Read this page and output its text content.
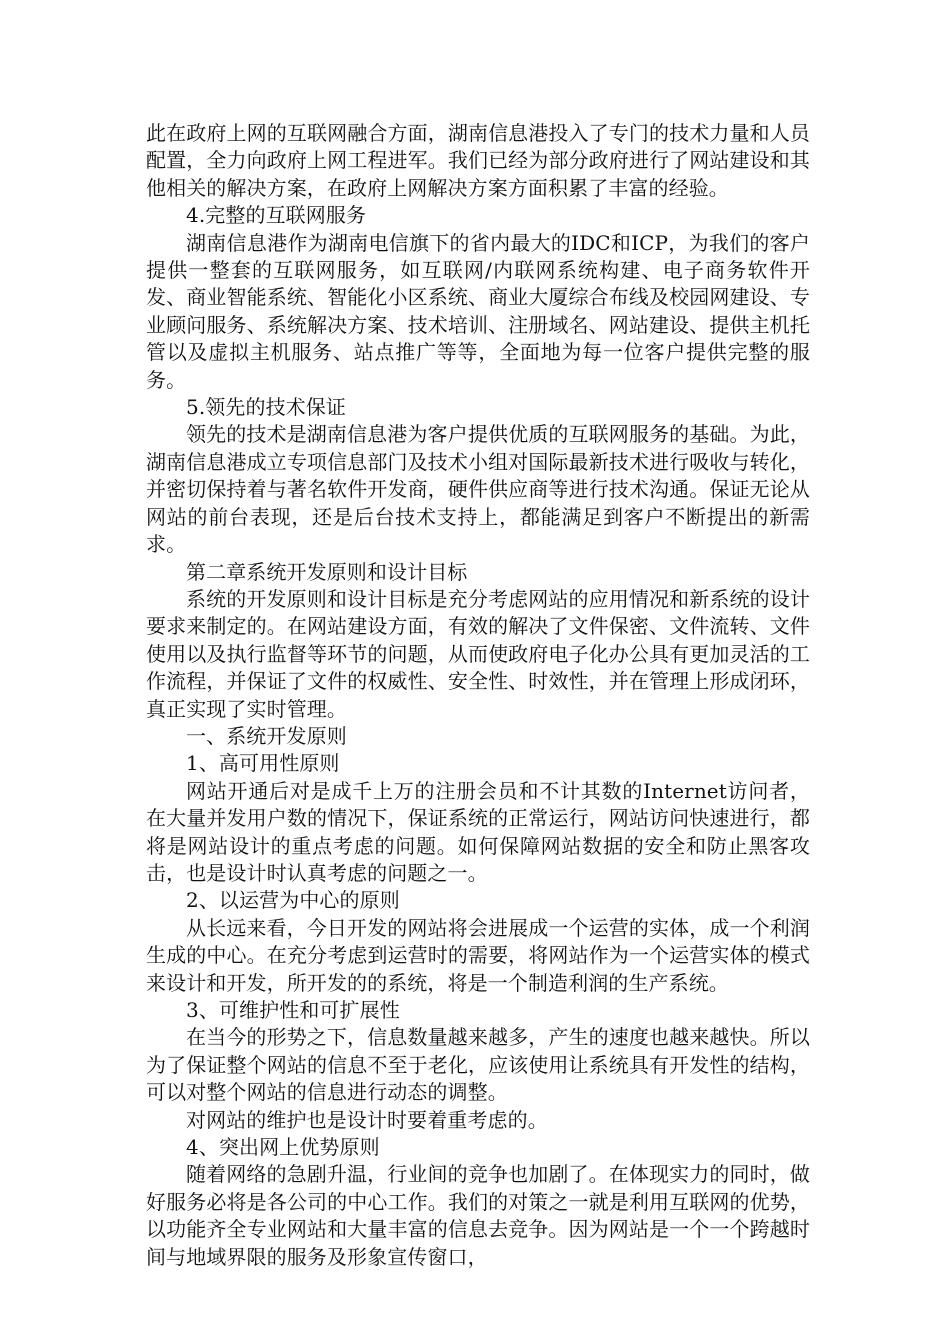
此在政府上网的互联网融合方面，湖南信息港投入了专门的技术力量和人员配置，全力向政府上网工程进军。我们已经为部分政府进行了网站建设和其他相关的解决方案，在政府上网解决方案方面积累了丰富的经验。

4.完整的互联网服务

湖南信息港作为湖南电信旗下的省内最大的IDC和ICP，为我们的客户提供一整套的互联网服务，如互联网/内联网系统构建、电子商务软件开发、商业智能系统、智能化小区系统、商业大厦综合布线及校园网建设、专业顾问服务、系统解决方案、技术培训、注册域名、网站建设、提供主机托管以及虚拟主机服务、站点推广等等，全面地为每一位客户提供完整的服务。

5.领先的技术保证

领先的技术是湖南信息港为客户提供优质的互联网服务的基础。为此，湖南信息港成立专项信息部门及技术小组对国际最新技术进行吸收与转化，并密切保持着与著名软件开发商，硬件供应商等进行技术沟通。保证无论从网站的前台表现，还是后台技术支持上，都能满足到客户不断提出的新需求。

第二章系统开发原则和设计目标

系统的开发原则和设计目标是充分考虑网站的应用情况和新系统的设计要求来制定的。在网站建设方面，有效的解决了文件保密、文件流转、文件使用以及执行监督等环节的问题，从而使政府电子化办公具有更加灵活的工作流程，并保证了文件的权威性、安全性、时效性，并在管理上形成闭环，真正实现了实时管理。

一、系统开发原则

1、高可用性原则

网站开通后对是成千上万的注册会员和不计其数的Internet访问者，在大量并发用户数的情况下，保证系统的正常运行，网站访问快速进行，都将是网站设计的重点考虑的问题。如何保障网站数据的安全和防止黑客攻击，也是设计时认真考虑的问题之一。

2、以运营为中心的原则

从长远来看，今日开发的网站将会进展成一个运营的实体，成一个利润生成的中心。在充分考虑到运营时的需要，将网站作为一个运营实体的模式来设计和开发，所开发的的系统，将是一个制造利润的生产系统。

3、可维护性和可扩展性

在当今的形势之下，信息数量越来越多，产生的速度也越来越快。所以为了保证整个网站的信息不至于老化，应该使用让系统具有开发性的结构，可以对整个网站的信息进行动态的调整。

对网站的维护也是设计时要着重考虑的。

4、突出网上优势原则

随着网络的急剧升温，行业间的竞争也加剧了。在体现实力的同时，做好服务必将是各公司的中心工作。我们的对策之一就是利用互联网的优势，以功能齐全专业网站和大量丰富的信息去竞争。因为网站是一个一个跨越时间与地域界限的服务及形象宣传窗口，
